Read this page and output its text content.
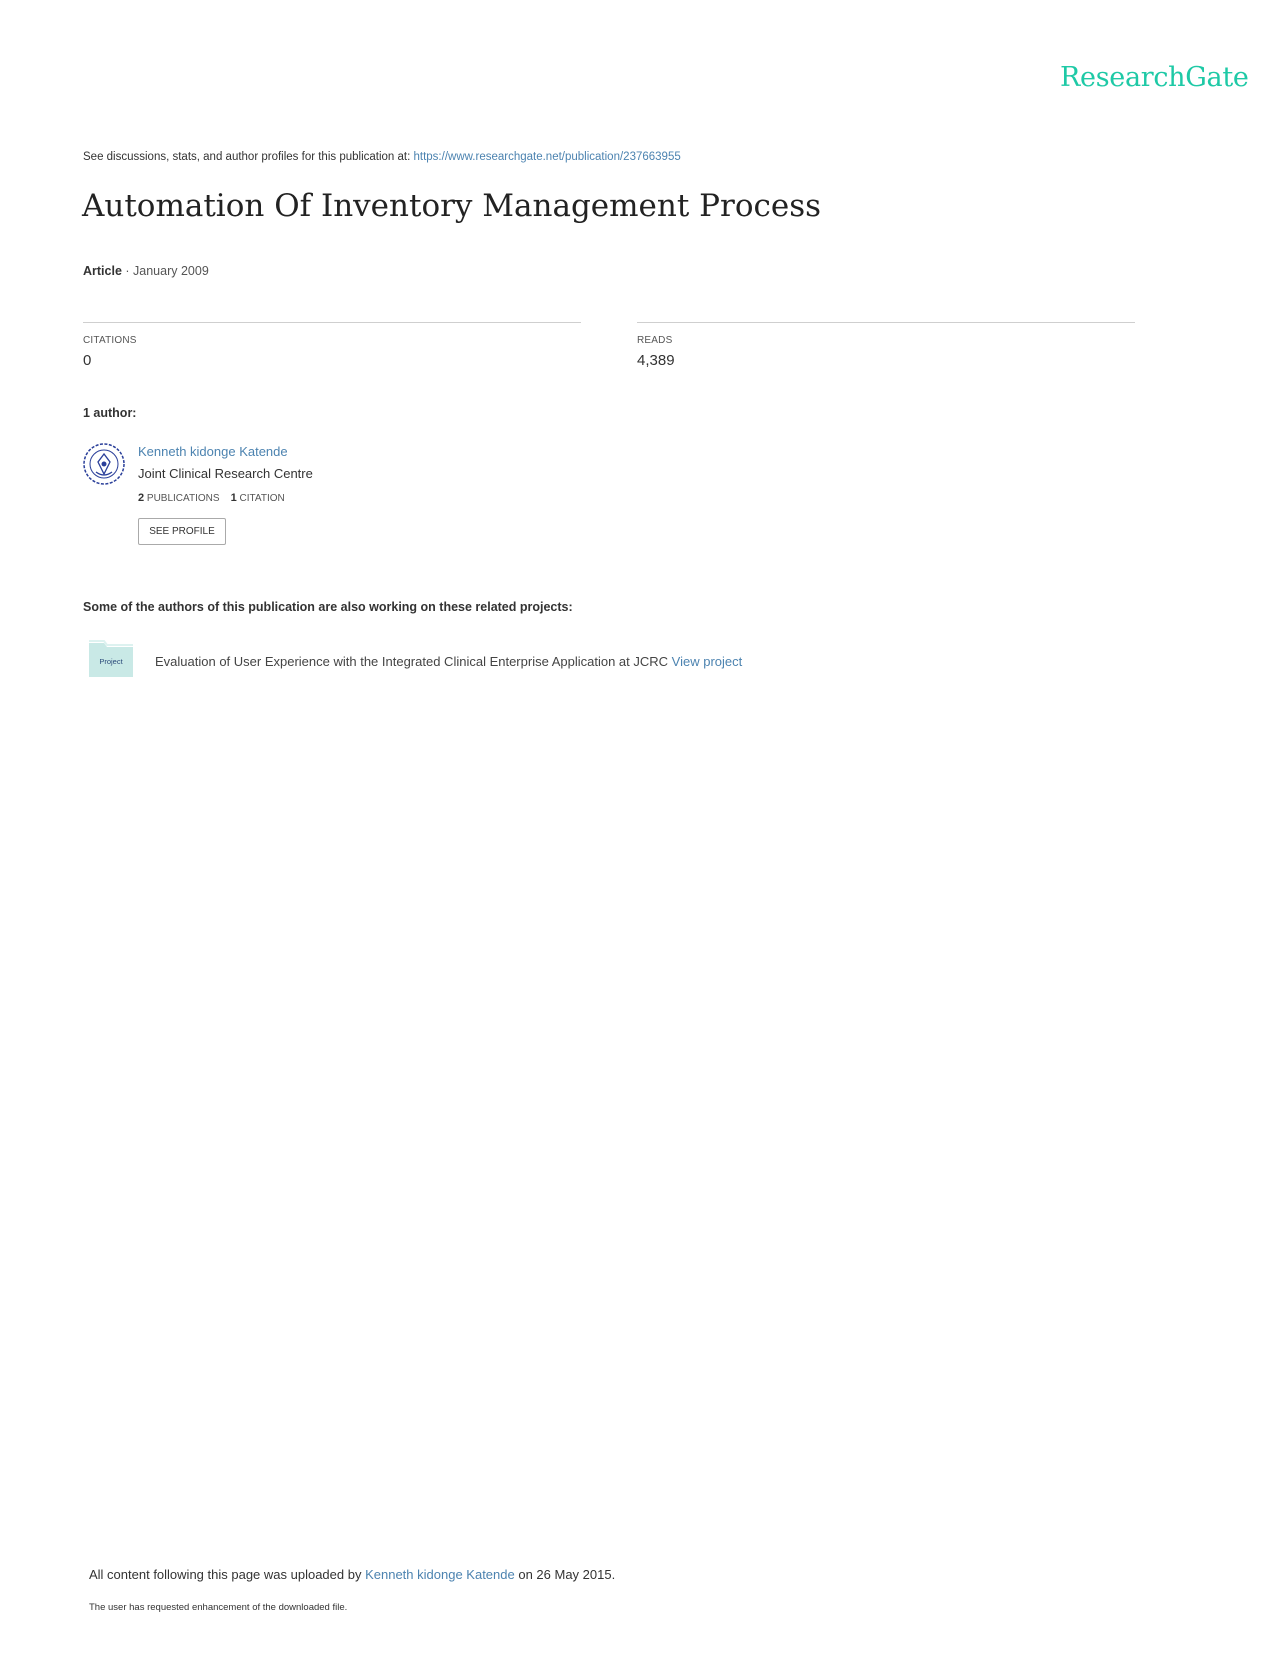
ResearchGate
See discussions, stats, and author profiles for this publication at: https://www.researchgate.net/publication/237663955
Automation Of Inventory Management Process
Article · January 2009
CITATIONS
0
READS
4,389
1 author:
Kenneth kidonge Katende
Joint Clinical Research Centre
2 PUBLICATIONS 1 CITATION
SEE PROFILE
Some of the authors of this publication are also working on these related projects:
Project	Evaluation of User Experience with the Integrated Clinical Enterprise Application at JCRC View project
All content following this page was uploaded by Kenneth kidonge Katende on 26 May 2015.
The user has requested enhancement of the downloaded file.
